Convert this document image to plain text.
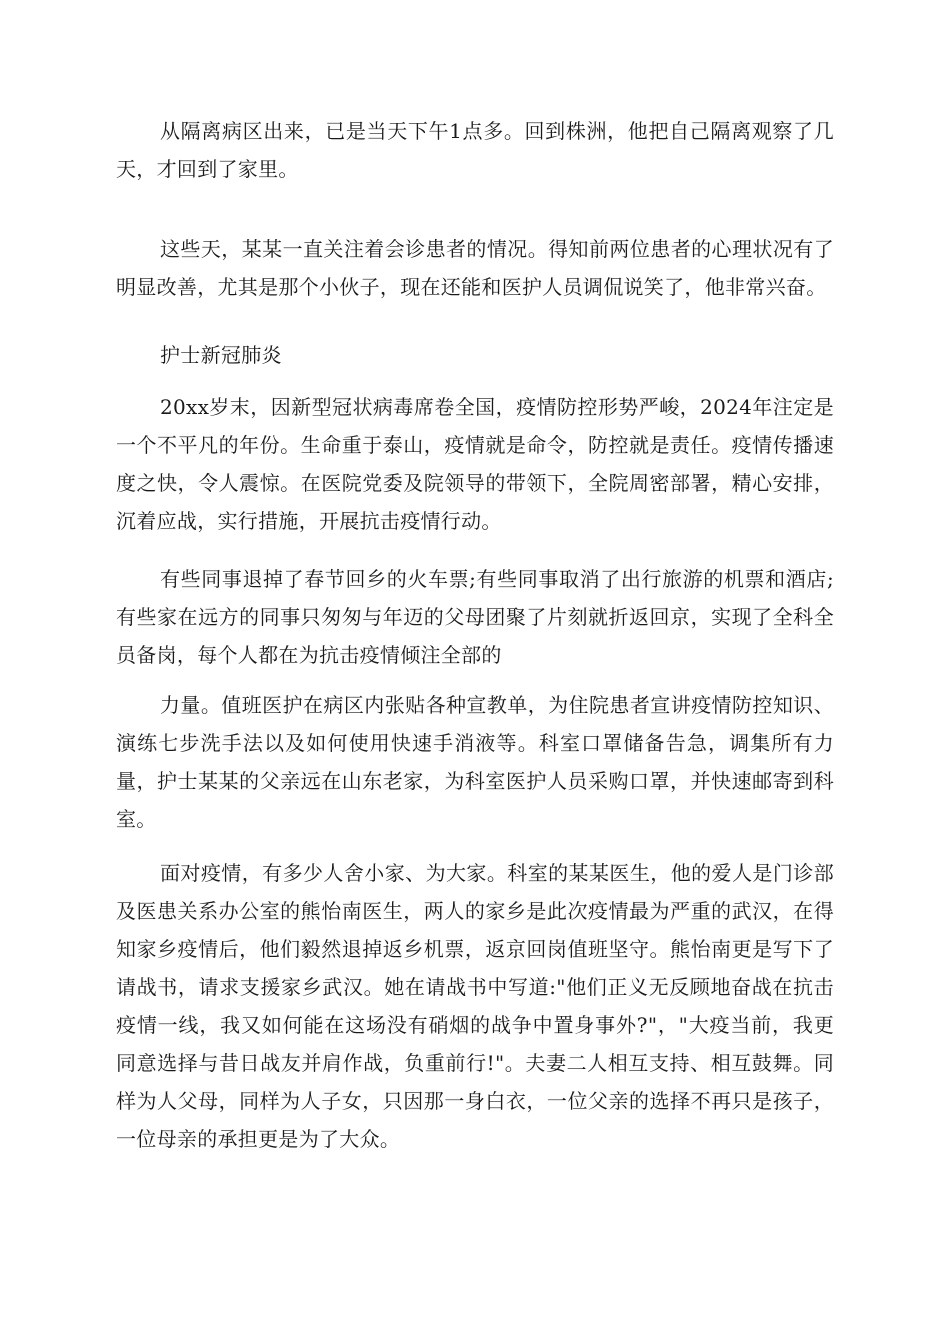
从隔离病区出来，已是当天下午1点多。回到株洲，他把自己隔离观察了几天，才回到了家里。

这些天，某某一直关注着会诊患者的情况。得知前两位患者的心理状况有了明显改善，尤其是那个小伙子，现在还能和医护人员调侃说笑了，他非常兴奋。

护士新冠肺炎

20xx岁末，因新型冠状病毒席卷全国，疫情防控形势严峻，2024年注定是一个不平凡的年份。生命重于泰山，疫情就是命令，防控就是责任。疫情传播速度之快，令人震惊。在医院党委及院领导的带领下，全院周密部署，精心安排，沉着应战，实行措施，开展抗击疫情行动。

有些同事退掉了春节回乡的火车票;有些同事取消了出行旅游的机票和酒店;有些家在远方的同事只匆匆与年迈的父母团聚了片刻就折返回京，实现了全科全员备岗，每个人都在为抗击疫情倾注全部的

力量。值班医护在病区内张贴各种宣教单，为住院患者宣讲疫情防控知识、演练七步洗手法以及如何使用快速手消液等。科室口罩储备告急，调集所有力量，护士某某的父亲远在山东老家，为科室医护人员采购口罩，并快速邮寄到科室。

面对疫情，有多少人舍小家、为大家。科室的某某医生，他的爱人是门诊部及医患关系办公室的熊怡南医生，两人的家乡是此次疫情最为严重的武汉，在得知家乡疫情后，他们毅然退掉返乡机票，返京回岗值班坚守。熊怡南更是写下了请战书，请求支援家乡武汉。她在请战书中写道:"他们正义无反顾地奋战在抗击疫情一线，我又如何能在这场没有硝烟的战争中置身事外?"，"大疫当前，我更同意选择与昔日战友并肩作战，负重前行!"。夫妻二人相互支持、相互鼓舞。同样为人父母，同样为人子女，只因那一身白衣，一位父亲的选择不再只是孩子，一位母亲的承担更是为了大众。
